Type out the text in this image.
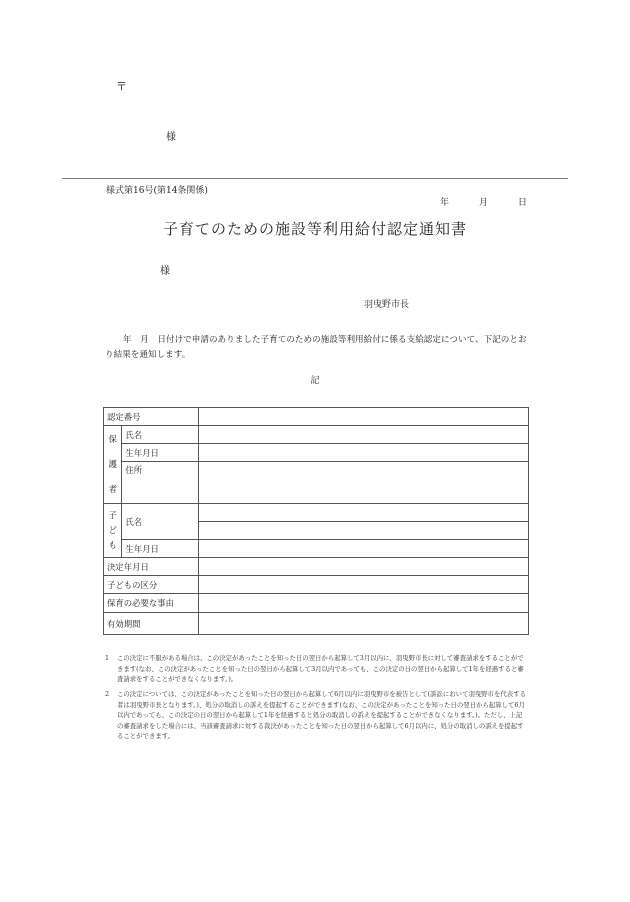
〒
様
様式第16号(第14条関係)
年	月	日
子育てのための施設等利用給付認定通知書
様
羽曳野市長
年　月　日付けで申請のありました子育てのための施設等利用給付に係る支給認定について、下記のとおり結果を通知します。
記
認定番号		

保
護
者	氏名	
	生年月日	
	住所	

子
ど
も	氏名	

	生年月日	
決定年月日		
子どもの区分		
保育の必要な事由		
有効期間		
1	この決定に不服がある場合は、この決定があったことを知った日の翌日から起算して3月以内に、羽曳野市長に対して審査請求をすることができます(なお、この決定があったことを知った日の翌日から起算して3月以内であっても、この決定の日の翌日から起算して1年を経過すると審査請求をすることができなくなります。)。
2	この決定については、この決定があったことを知った日の翌日から起算して6月以内に羽曳野市を被告として(訴訟において羽曳野市を代表する者は羽曳野市長となります。)、処分の取消しの訴えを提起することができます(なお、この決定があったことを知った日の翌日から起算して6月以内であっても、この決定の日の翌日から起算して1年を経過すると処分の取消しの訴えを提起することができなくなります。)。ただし、上記の審査請求をした場合には、当該審査請求に対する裁決があったことを知った日の翌日から起算して6月以内に、処分の取消しの訴えを提起することができます。
